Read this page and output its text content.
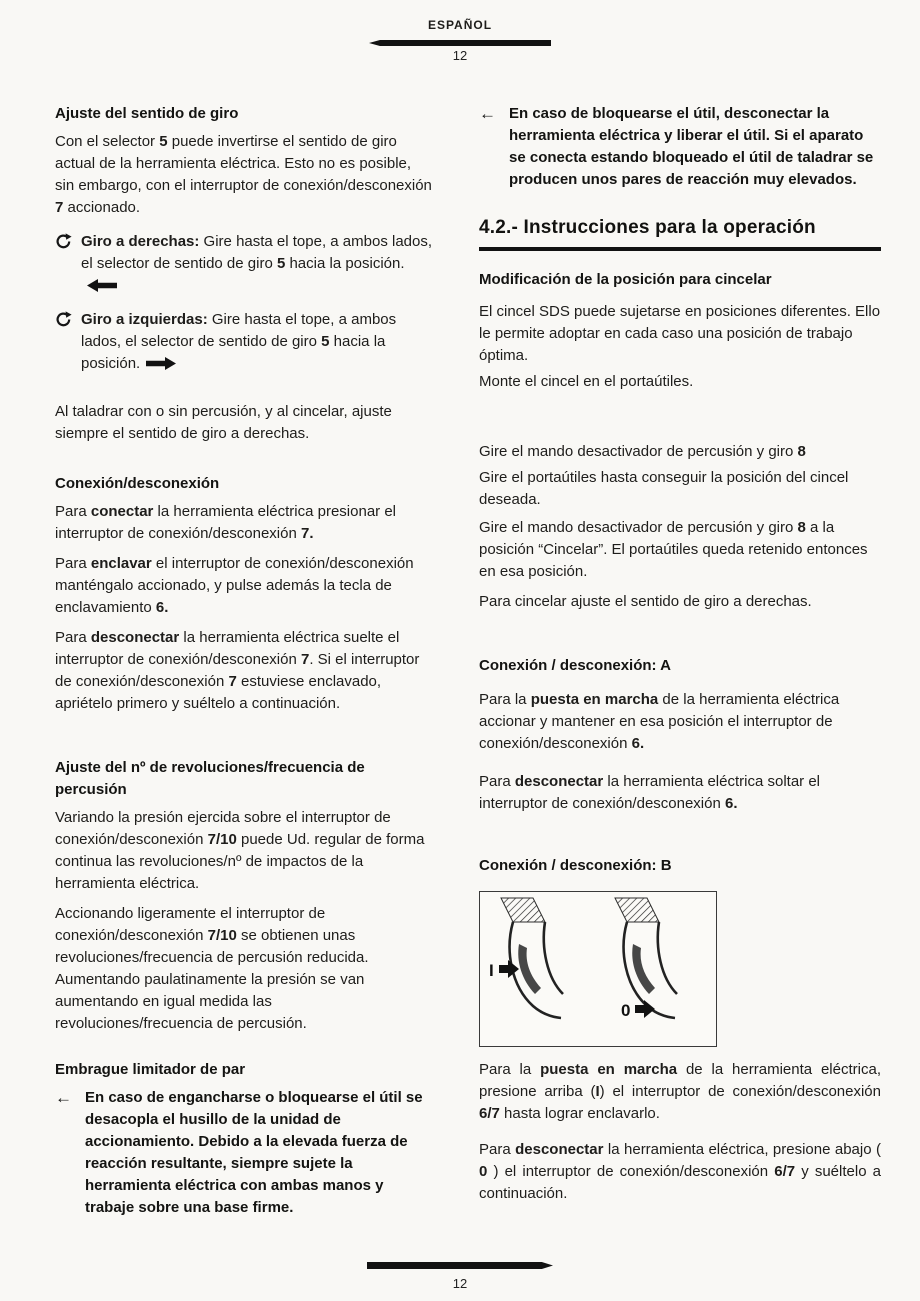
ESPAÑOL
12
Ajuste del sentido de giro

Con el selector 5 puede invertirse el sentido de giro actual de la herramienta eléctrica. Esto no es posible, sin embargo, con el interruptor de conexión/desconexión 7 accionado.

Giro a derechas: Gire hasta el tope, a ambos lados, el selector de sentido de giro 5 hacia la posición.

Giro a izquierdas: Gire hasta el tope, a ambos lados, el selector de sentido de giro 5 hacia la posición.

Al taladrar con o sin percusión, y al cincelar, ajuste siempre el sentido de giro a derechas.

Conexión/desconexión

Para conectar la herramienta eléctrica presionar el interruptor de conexión/desconexión 7.

Para enclavar el interruptor de conexión/desconexión manténgalo accionado, y pulse además la tecla de enclavamiento 6.

Para desconectar la herramienta eléctrica suelte el interruptor de conexión/desconexión 7. Si el interruptor de conexión/desconexión 7 estuviese enclavado, apriételo primero y suéltelo a continuación.

Ajuste del nº de revoluciones/frecuencia de percusión

Variando la presión ejercida sobre el interruptor de conexión/desconexión 7/10 puede Ud. regular de forma continua las revoluciones/nº de impactos de la herramienta eléctrica.

Accionando ligeramente el interruptor de conexión/desconexión 7/10 se obtienen unas revoluciones/frecuencia de percusión reducida. Aumentando paulatinamente la presión se van aumentando en igual medida las revoluciones/frecuencia de percusión.

Embrague limitador de par
← En caso de engancharse o bloquearse el útil se desacopla el husillo de la unidad de accionamiento. Debido a la elevada fuerza de reacción resultante, siempre sujete la herramienta eléctrica con ambas manos y trabaje sobre una base firme.

← En caso de bloquearse el útil, desconectar la herramienta eléctrica y liberar el útil. Si el aparato se conecta estando bloqueado el útil de taladrar se producen unos pares de reacción muy elevados.

4.2.- Instrucciones para la operación
Modificación de la posición para cincelar

El cincel SDS puede sujetarse en posiciones diferentes. Ello le permite adoptar en cada caso una posición de trabajo óptima.

Monte el cincel en el portaútiles.

Gire el mando desactivador de percusión y giro 8

Gire el portaútiles hasta conseguir la posición del cincel deseada.

Gire el mando desactivador de percusión y giro 8 a la posición “Cincelar”. El portaútiles queda retenido entonces en esa posición.

Para cincelar ajuste el sentido de giro a derechas.

Conexión / desconexión: A

Para la puesta en marcha de la herramienta eléctrica accionar y mantener en esa posición el interruptor de conexión/desconexión 6.

Para desconectar la herramienta eléctrica soltar el interruptor de conexión/desconexión 6.

Conexión / desconexión: B
I
0

Para la puesta en marcha de la herramienta eléctrica, presione arriba (I) el interruptor de conexión/desconexión 6/7 hasta lograr enclavarlo.

Para desconectar la herramienta eléctrica, presione abajo ( 0 ) el interruptor de conexión/desconexión 6/7 y suéltelo a continuación.

12
